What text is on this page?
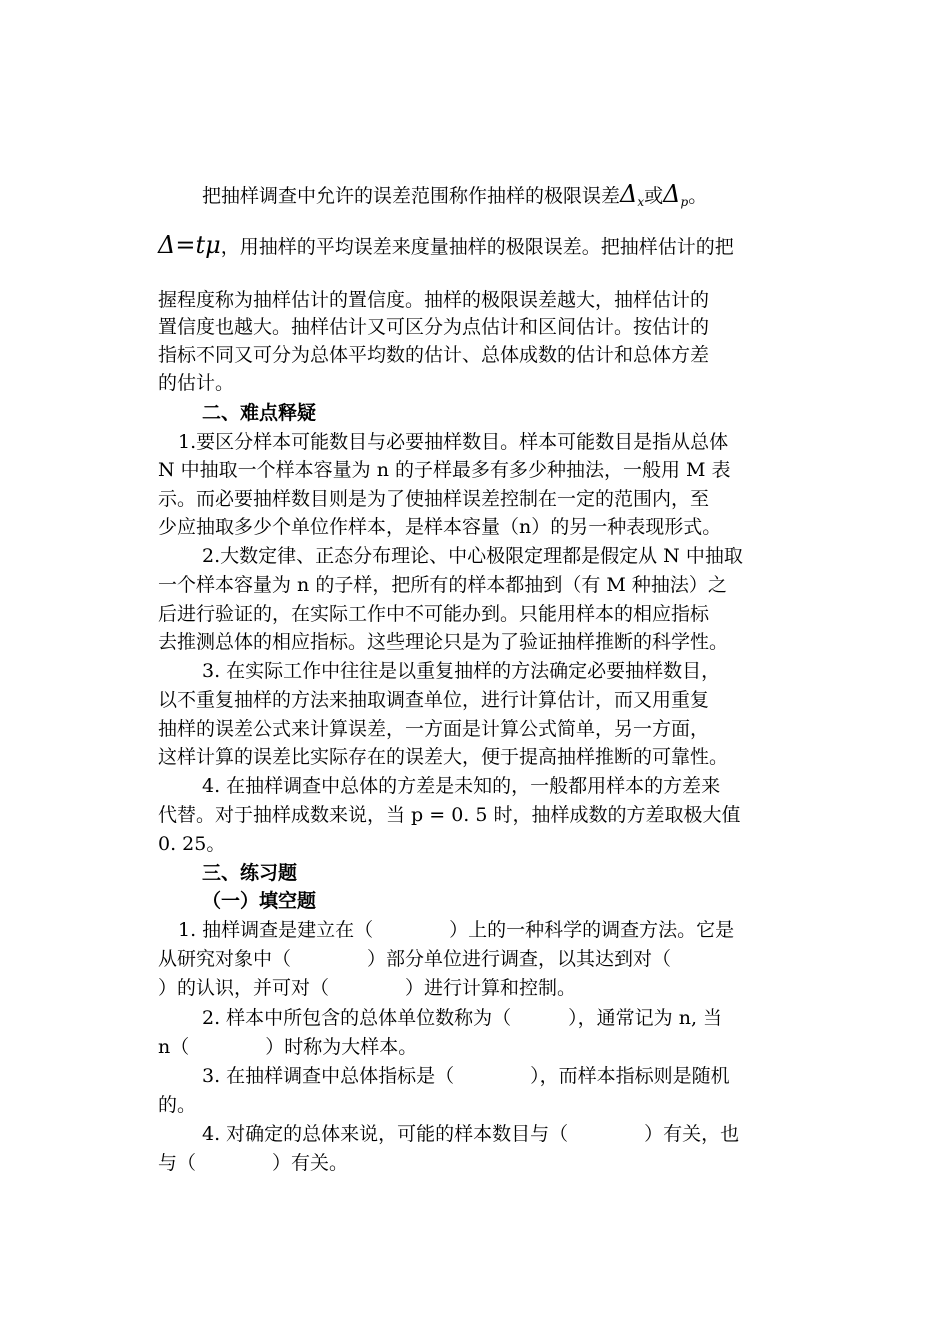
把抽样调查中允许的误差范围称作抽样的极限误差$\Delta_x$或$\Delta_p$。
Δ=tμ，用抽样的平均误差来度量抽样的极限误差。把抽样估计的把
握程度称为抽样估计的置信度。抽样的极限误差越大，抽样估计的
置信度也越大。抽样估计又可区分为点估计和区间估计。按估计的
指标不同又可分为总体平均数的估计、总体成数的估计和总体方差
的估计。
二、难点释疑
1.要区分样本可能数目与必要抽样数目。样本可能数目是指从总体
N 中抽取一个样本容量为 n 的子样最多有多少种抽法，一般用 M 表
示。而必要抽样数目则是为了使抽样误差控制在一定的范围内，至
少应抽取多少个单位作样本，是样本容量（n）的另一种表现形式。
2.大数定律、正态分布理论、中心极限定理都是假定从 N 中抽取
一个样本容量为 n 的子样，把所有的样本都抽到（有 M 种抽法）之
后进行验证的，在实际工作中不可能办到。只能用样本的相应指标
去推测总体的相应指标。这些理论只是为了验证抽样推断的科学性。
3. 在实际工作中往往是以重复抽样的方法确定必要抽样数目，
以不重复抽样的方法来抽取调查单位，进行计算估计，而又用重复
抽样的误差公式来计算误差，一方面是计算公式简单，另一方面，
这样计算的误差比实际存在的误差大，便于提高抽样推断的可靠性。
4. 在抽样调查中总体的方差是未知的，一般都用样本的方差来
代替。对于抽样成数来说，当 p = 0. 5 时，抽样成数的方差取极大值
0. 25。
三、练习题
（一）填空题
1. 抽样调查是建立在（　　　　）上的一种科学的调查方法。它是
从研究对象中（　　　　）部分单位进行调查，以其达到对（
）的认识，并可对（　　　　）进行计算和控制。
2. 样本中所包含的总体单位数称为（　　　），通常记为 n, 当
n（　　　　）时称为大样本。
3. 在抽样调查中总体指标是（　　　　），而样本指标则是随机
的。
4. 对确定的总体来说，可能的样本数目与（　　　　）有关，也
与（　　　　）有关。
